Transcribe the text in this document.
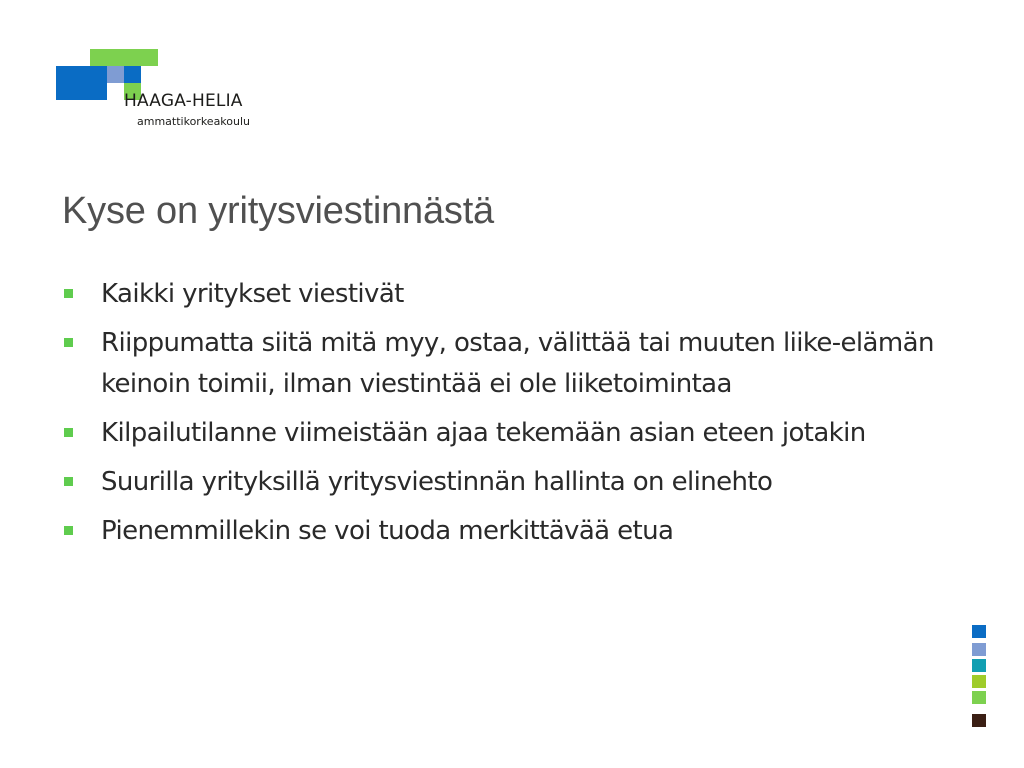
HAAGA-HELIA
ammattikorkeakoulu
Kyse on yritysviestinnästä
Kaikki yritykset viestivät
Riippumatta siitä mitä myy, ostaa, välittää tai muuten liike-elämän keinoin toimii, ilman viestintää ei ole liiketoimintaa
Kilpailutilanne viimeistään ajaa tekemään asian eteen jotakin
Suurilla yrityksillä yritysviestinnän hallinta on elinehto
Pienemmillekin se voi tuoda merkittävää etua
